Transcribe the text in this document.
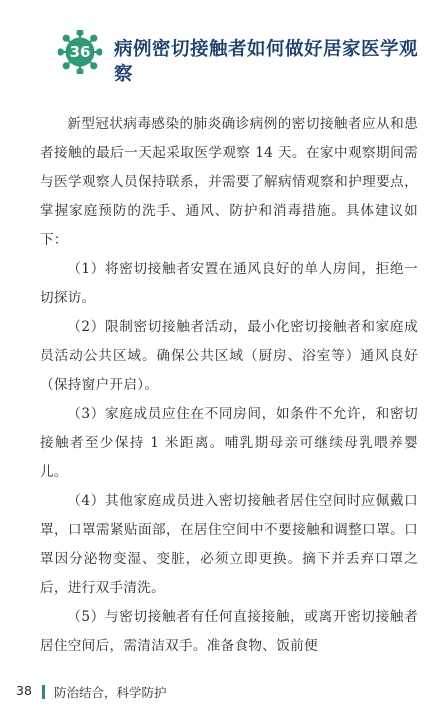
36	病例密切接触者如何做好居家医学观察

新型冠状病毒感染的肺炎确诊病例的密切接触者应从和患者接触的最后一天起采取医学观察 14 天。在家中观察期间需与医学观察人员保持联系，并需要了解病情观察和护理要点，掌握家庭预防的洗手、通风、防护和消毒措施。具体建议如下：

（1）将密切接触者安置在通风良好的单人房间，拒绝一切探访。

（2）限制密切接触者活动，最小化密切接触者和家庭成员活动公共区域。确保公共区域（厨房、浴室等）通风良好（保持窗户开启）。

（3）家庭成员应住在不同房间，如条件不允许，和密切接触者至少保持 1 米距离。哺乳期母亲可继续母乳喂养婴儿。

（4）其他家庭成员进入密切接触者居住空间时应佩戴口罩，口罩需紧贴面部，在居住空间中不要接触和调整口罩。口罩因分泌物变湿、变脏，必须立即更换。摘下并丢弃口罩之后，进行双手清洗。

（5）与密切接触者有任何直接接触，或离开密切接触者居住空间后，需清洁双手。准备食物、饭前便

38 防治结合，科学防护
